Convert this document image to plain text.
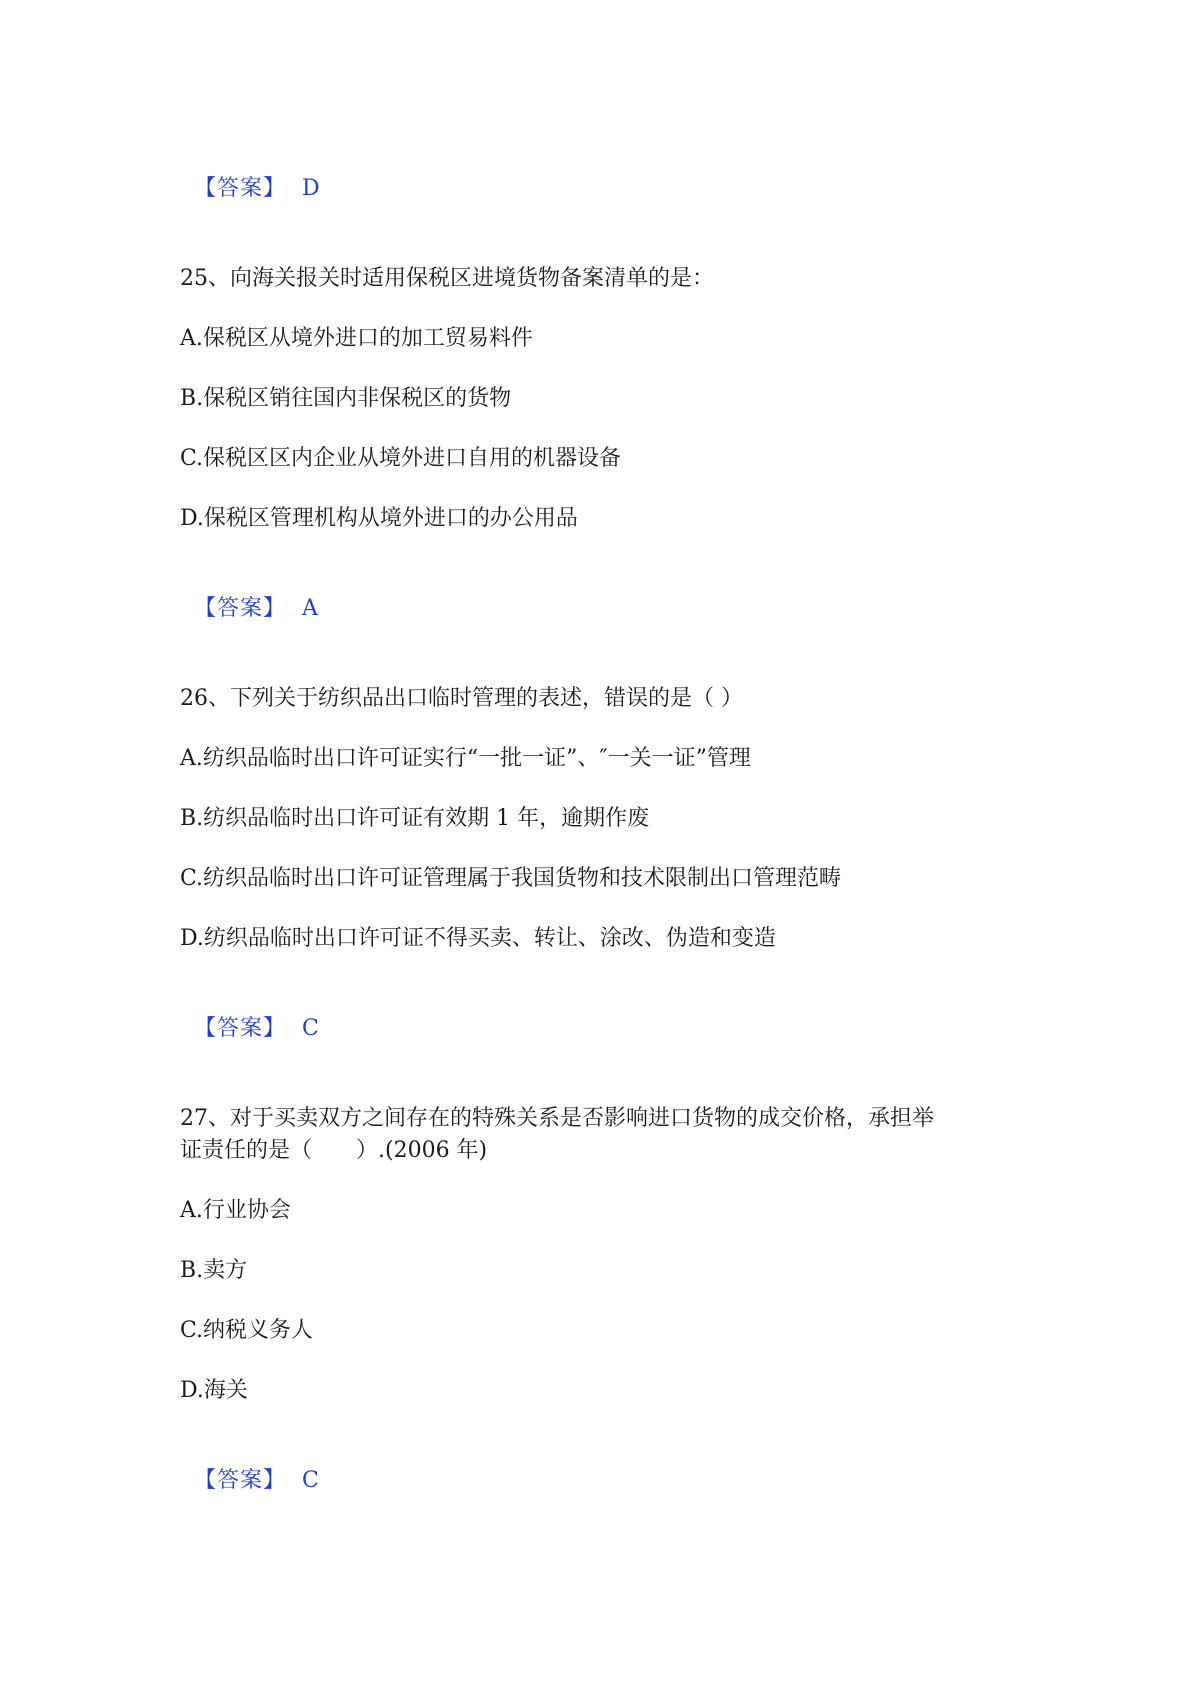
【答案】 D

25、向海关报关时适用保税区进境货物备案清单的是：

A.保税区从境外进口的加工贸易料件

B.保税区销往国内非保税区的货物

C.保税区区内企业从境外进口自用的机器设备

D.保税区管理机构从境外进口的办公用品

【答案】 A

26、下列关于纺织品出口临时管理的表述，错误的是（ ）

A.纺织品临时出口许可证实行“一批一证”、″一关一证”管理

B.纺织品临时出口许可证有效期 1 年，逾期作废

C.纺织品临时出口许可证管理属于我国货物和技术限制出口管理范畴

D.纺织品临时出口许可证不得买卖、转让、涂改、伪造和变造

【答案】 C

27、对于买卖双方之间存在的特殊关系是否影响进口货物的成交价格，承担举

证责任的是（　　）.(2006 年)

A.行业协会

B.卖方

C.纳税义务人

D.海关

【答案】 C
